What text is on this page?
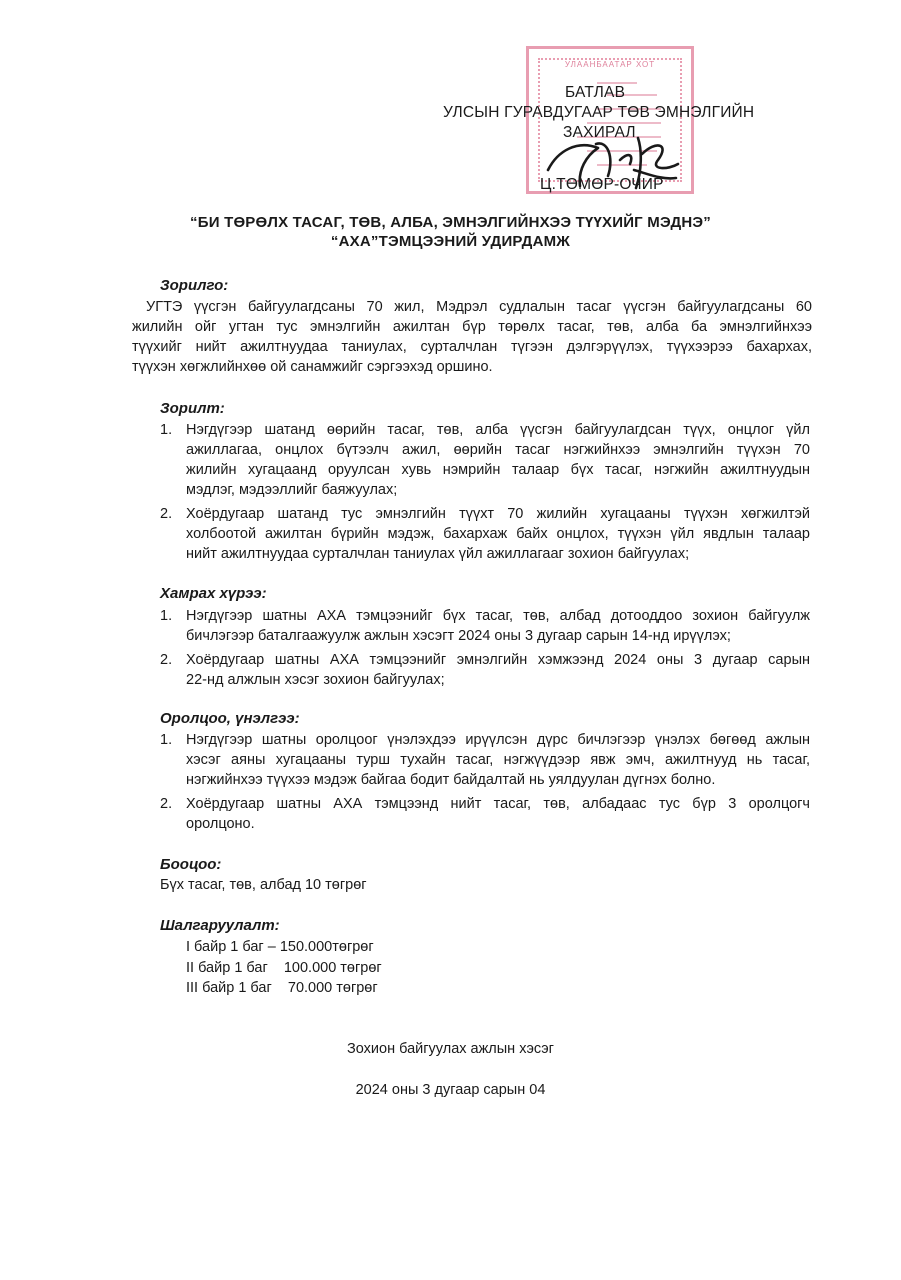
УЛААНБААТАР ХОТ
БАТЛАВ
УЛСЫН ГУРАВДУГААР ТӨВ ЭМНЭЛГИЙН
ЗАХИРАЛ
Ц.ТӨМӨР-ОЧИР
“БИ ТӨРӨЛХ ТАСАГ, ТӨВ, АЛБА, ЭМНЭЛГИЙНХЭЭ ТҮҮХИЙГ МЭДНЭ”
“АХА”ТЭМЦЭЭНИЙ УДИРДАМЖ
Зорилго:
УГТЭ үүсгэн байгуулагдсаны 70 жил, Мэдрэл судлалын тасаг үүсгэн байгуулагдсаны 60
жилийн ойг угтан тус эмнэлгийн ажилтан бүр төрөлх тасаг, төв, алба ба эмнэлгийнхээ
түүхийг нийт ажилтнуудаа таниулах, сурталчлан түгээн дэлгэрүүлэх, түүхээрээ бахархах,
түүхэн хөгжлийнхөө ой санамжийг сэргээхэд оршино.
Зорилт:
1. Нэгдүгээр шатанд өөрийн тасаг, төв, алба үүсгэн байгуулагдсан түүх, онцлог үйл
ажиллагаа, онцлох бүтээлч ажил, өөрийн тасаг нэгжийнхээ эмнэлгийн түүхэн 70
жилийн хугацаанд оруулсан хувь нэмрийн талаар бүх тасаг, нэгжийн ажилтнуудын
мэдлэг, мэдээллийг баяжуулах;
2. Хоёрдугаар шатанд тус эмнэлгийн түүхт 70 жилийн хугацааны түүхэн хөгжилтэй
холбоотой ажилтан бүрийн мэдэж, бахархаж байх онцлох, түүхэн үйл явдлын талаар
нийт ажилтнуудаа сурталчлан таниулах үйл ажиллагааг зохион байгуулах;
Хамрах хүрээ:
1. Нэгдүгээр шатны АХА тэмцээнийг бүх тасаг, төв, албад дотооддоо зохион байгуулж
бичлэгээр баталгаажуулж ажлын хэсэгт 2024 оны 3 дугаар сарын 14-нд ирүүлэх;
2. Хоёрдугаар шатны АХА тэмцээнийг эмнэлгийн хэмжээнд 2024 оны 3 дугаар сарын
22-нд алжлын хэсэг зохион байгуулах;
Оролцоо, үнэлгээ:
1. Нэгдүгээр шатны оролцоог үнэлэхдээ ирүүлсэн дүрс бичлэгээр үнэлэх бөгөөд ажлын
хэсэг аяны хугацааны турш тухайн тасаг, нэгжүүдээр явж эмч, ажилтнууд нь тасаг,
нэгжийнхээ түүхээ мэдэж байгаа бодит байдалтай нь уялдуулан дүгнэх болно.
2. Хоёрдугаар шатны АХА тэмцээнд нийт тасаг, төв, албадаас тус бүр 3 оролцогч
оролцоно.
Бооцоо:
Бүх тасаг, төв, албад 10 төгрөг
Шалгаруулалт:
I байр 1 баг – 150.000төгрөг
II байр 1 баг    100.000 төгрөг
III байр 1 баг    70.000 төгрөг
Зохион байгуулах ажлын хэсэг
2024 оны 3 дугаар сарын 04
